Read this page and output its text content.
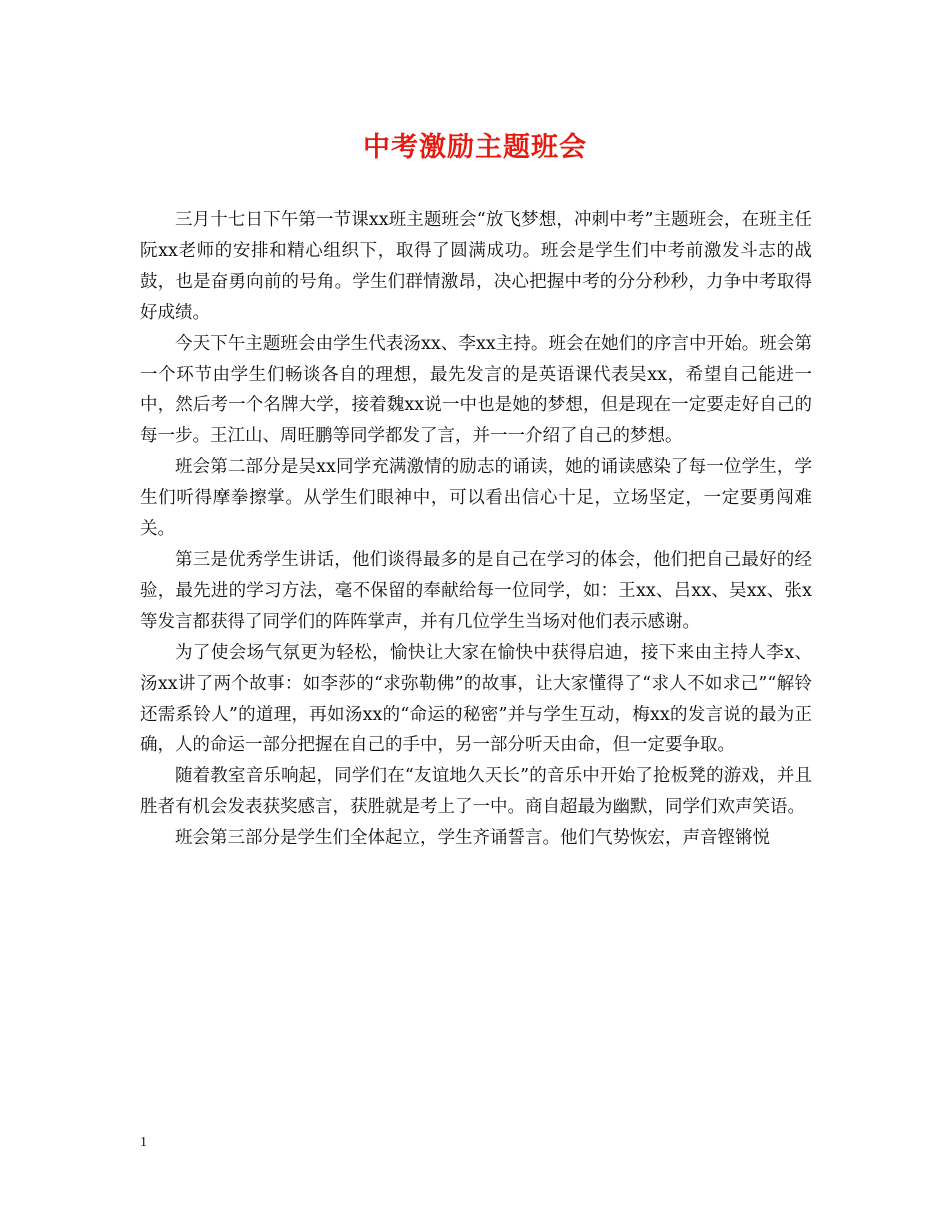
中考激励主题班会

三月十七日下午第一节课xx班主题班会“放飞梦想，冲刺中考”主题班会，在班主任阮xx老师的安排和精心组织下，取得了圆满成功。班会是学生们中考前激发斗志的战鼓，也是奋勇向前的号角。学生们群情激昂，决心把握中考的分分秒秒，力争中考取得好成绩。

今天下午主题班会由学生代表汤xx、李xx主持。班会在她们的序言中开始。班会第一个环节由学生们畅谈各自的理想，最先发言的是英语课代表吴xx，希望自己能进一中，然后考一个名牌大学，接着魏xx说一中也是她的梦想，但是现在一定要走好自己的每一步。王江山、周旺鹏等同学都发了言，并一一介绍了自己的梦想。

班会第二部分是吴xx同学充满激情的励志的诵读，她的诵读感染了每一位学生，学生们听得摩拳擦掌。从学生们眼神中，可以看出信心十足，立场坚定，一定要勇闯难关。

第三是优秀学生讲话，他们谈得最多的是自己在学习的体会，他们把自己最好的经验，最先进的学习方法，毫不保留的奉献给每一位同学，如：王xx、吕xx、吴xx、张x等发言都获得了同学们的阵阵掌声，并有几位学生当场对他们表示感谢。

为了使会场气氛更为轻松，愉快让大家在愉快中获得启迪，接下来由主持人李x、汤xx讲了两个故事：如李莎的“求弥勒佛”的故事，让大家懂得了“求人不如求己”“解铃还需系铃人”的道理，再如汤xx的“命运的秘密”并与学生互动，梅xx的发言说的最为正确，人的命运一部分把握在自己的手中，另一部分听天由命，但一定要争取。

随着教室音乐响起，同学们在“友谊地久天长”的音乐中开始了抢板凳的游戏，并且胜者有机会发表获奖感言，获胜就是考上了一中。商自超最为幽默，同学们欢声笑语。

班会第三部分是学生们全体起立，学生齐诵誓言。他们气势恢宏，声音铿锵悦

1
